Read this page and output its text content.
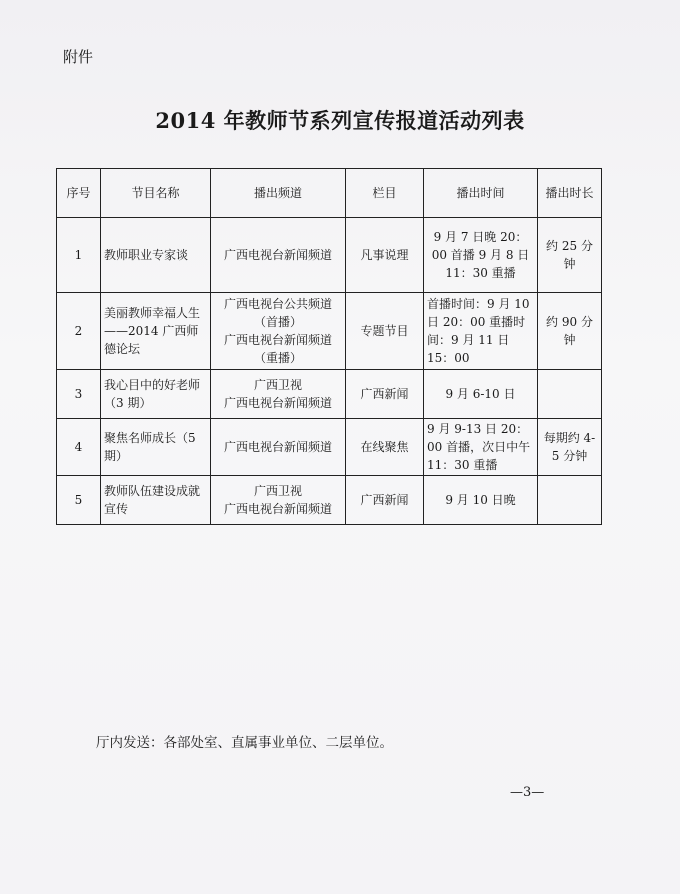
附件
2014 年教师节系列宣传报道活动列表
序号	节目名称	播出频道	栏目	播出时间	播出时长
1	教师职业专家谈	广西电视台新闻频道	凡事说理	9 月 7 日晚 20：00 首播 9 月 8 日 11：30 重播	约 25 分钟
2	美丽教师幸福人生——2014 广西师德论坛	广西电视台公共频道（首播）
广西电视台新闻频道（重播）	专题节目	首播时间：9 月 10 日 20：00 重播时间：9 月 11 日 15：00	约 90 分钟
3	我心目中的好老师（3 期）	广西卫视
广西电视台新闻频道	广西新闻	9 月 6-10 日	
4	聚焦名师成长（5 期）	广西电视台新闻频道	在线聚焦	9 月 9-13 日 20：00 首播，次日中午 11：30 重播	每期约 4-5 分钟
5	教师队伍建设成就宣传	广西卫视
广西电视台新闻频道	广西新闻	9 月 10 日晚	
厅内发送：各部处室、直属事业单位、二层单位。
—3—
